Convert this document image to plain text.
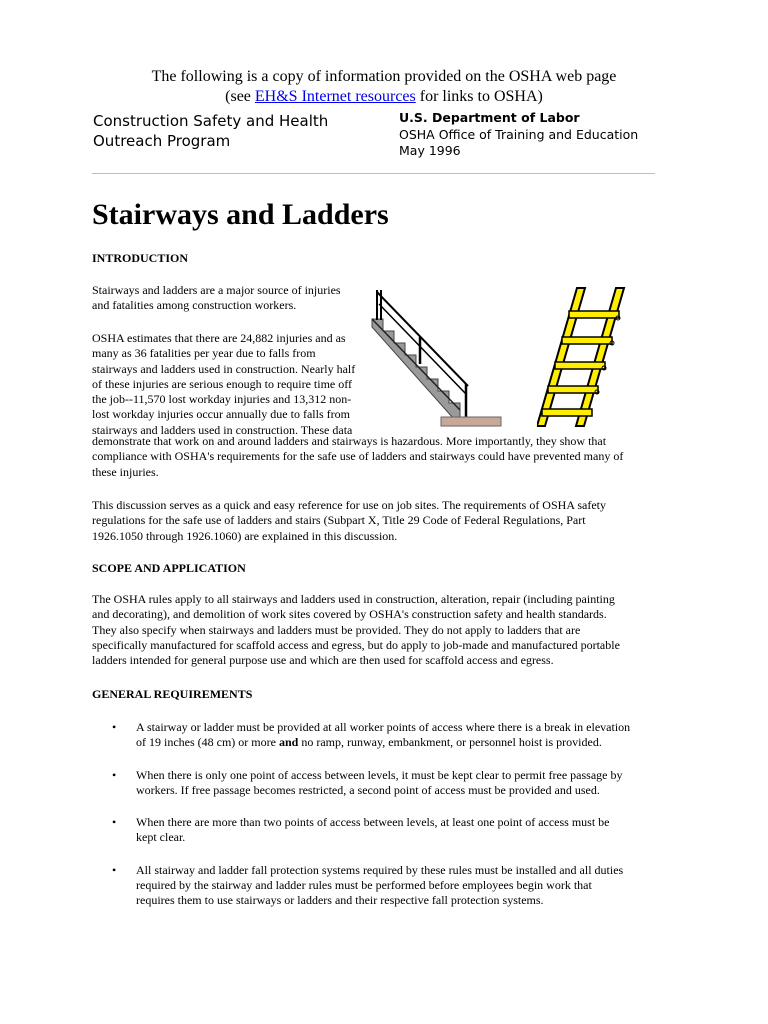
The following is a copy of information provided on the OSHA web page
(see EH&S Internet resources for links to OSHA)
Construction Safety and Health
Outreach Program
U.S. Department of Labor
OSHA Office of Training and Education
May 1996
Stairways and Ladders
INTRODUCTION
Stairways and ladders are a major source of injuries
and fatalities among construction workers.
OSHA estimates that there are 24,882 injuries and as
many as 36 fatalities per year due to falls from
stairways and ladders used in construction. Nearly half
of these injuries are serious enough to require time off
the job--11,570 lost workday injuries and 13,312 non-
lost workday injuries occur annually due to falls from
stairways and ladders used in construction. These data
demonstrate that work on and around ladders and stairways is hazardous. More importantly, they show that
compliance with OSHA's requirements for the safe use of ladders and stairways could have prevented many of
these injuries.
This discussion serves as a quick and easy reference for use on job sites. The requirements of OSHA safety
regulations for the safe use of ladders and stairs (Subpart X, Title 29 Code of Federal Regulations, Part
1926.1050 through 1926.1060) are explained in this discussion.
SCOPE AND APPLICATION
The OSHA rules apply to all stairways and ladders used in construction, alteration, repair (including painting
and decorating), and demolition of work sites covered by OSHA's construction safety and health standards.
They also specify when stairways and ladders must be provided. They do not apply to ladders that are
specifically manufactured for scaffold access and egress, but do apply to job-made and manufactured portable
ladders intended for general purpose use and which are then used for scaffold access and egress.
GENERAL REQUIREMENTS
• A stairway or ladder must be provided at all worker points of access where there is a break in elevation
of 19 inches (48 cm) or more and no ramp, runway, embankment, or personnel hoist is provided.
• When there is only one point of access between levels, it must be kept clear to permit free passage by
workers. If free passage becomes restricted, a second point of access must be provided and used.
• When there are more than two points of access between levels, at least one point of access must be
kept clear.
• All stairway and ladder fall protection systems required by these rules must be installed and all duties
required by the stairway and ladder rules must be performed before employees begin work that
requires them to use stairways or ladders and their respective fall protection systems.
